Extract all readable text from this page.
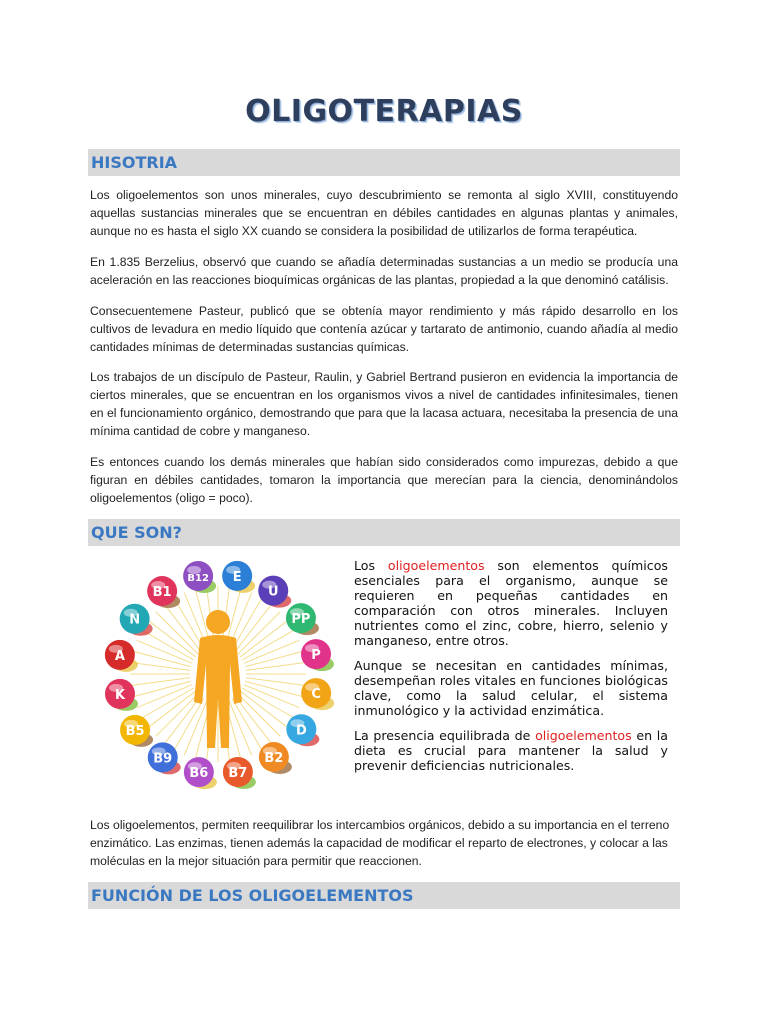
OLIGOTERAPIAS
HISOTRIA

Los oligoelementos son unos minerales, cuyo descubrimiento se remonta al siglo XVIII, constituyendo aquellas sustancias minerales que se encuentran en débiles cantidades en algunas plantas y animales, aunque no es hasta el siglo XX cuando se considera la posibilidad de utilizarlos de forma terapéutica.

En 1.835 Berzelius, observó que cuando se añadía determinadas sustancias a un medio se producía una aceleración en las reacciones bioquímicas orgánicas de las plantas, propiedad a la que denominó catálisis.

Consecuentemene Pasteur, publicó que se obtenía mayor rendimiento y más rápido desarrollo en los cultivos de levadura en medio líquido que contenía azúcar y tartarato de antimonio, cuando añadía al medio cantidades mínimas de determinadas sustancias químicas.

Los trabajos de un discípulo de Pasteur, Raulin, y Gabriel Bertrand pusieron en evidencia la importancia de ciertos minerales, que se encuentran en los organismos vivos a nivel de cantidades infinitesimales, tienen en el funcionamiento orgánico, demostrando que para que la lacasa actuara, necesitaba la presencia de una mínima cantidad de cobre y manganeso.

Es entonces cuando los demás minerales que habían sido considerados como impurezas, debido a que figuran en débiles cantidades, tomaron la importancia que merecían para la ciencia, denominándolos oligoelementos (oligo = poco).

QUE SON?
B12 E
U
PP
P
C
D
B2
B7
B6
B9
B5
K
A
N
B1

Los oligoelementos son elementos químicos esenciales para el organismo, aunque se requieren en pequeñas cantidades en comparación con otros minerales. Incluyen nutrientes como el zinc, cobre, hierro, selenio y manganeso, entre otros.

Aunque se necesitan en cantidades mínimas, desempeñan roles vitales en funciones biológicas clave, como la salud celular, el sistema inmunológico y la actividad enzimática.

La presencia equilibrada de oligoelementos en la dieta es crucial para mantener la salud y prevenir deficiencias nutricionales.

Los oligoelementos, permiten reequilibrar los intercambios orgánicos, debido a su importancia en el terreno enzimático. Las enzimas, tienen además la capacidad de modificar el reparto de electrones, y colocar a las moléculas en la mejor situación para permitir que reaccionen.

FUNCIÓN DE LOS OLIGOELEMENTOS
